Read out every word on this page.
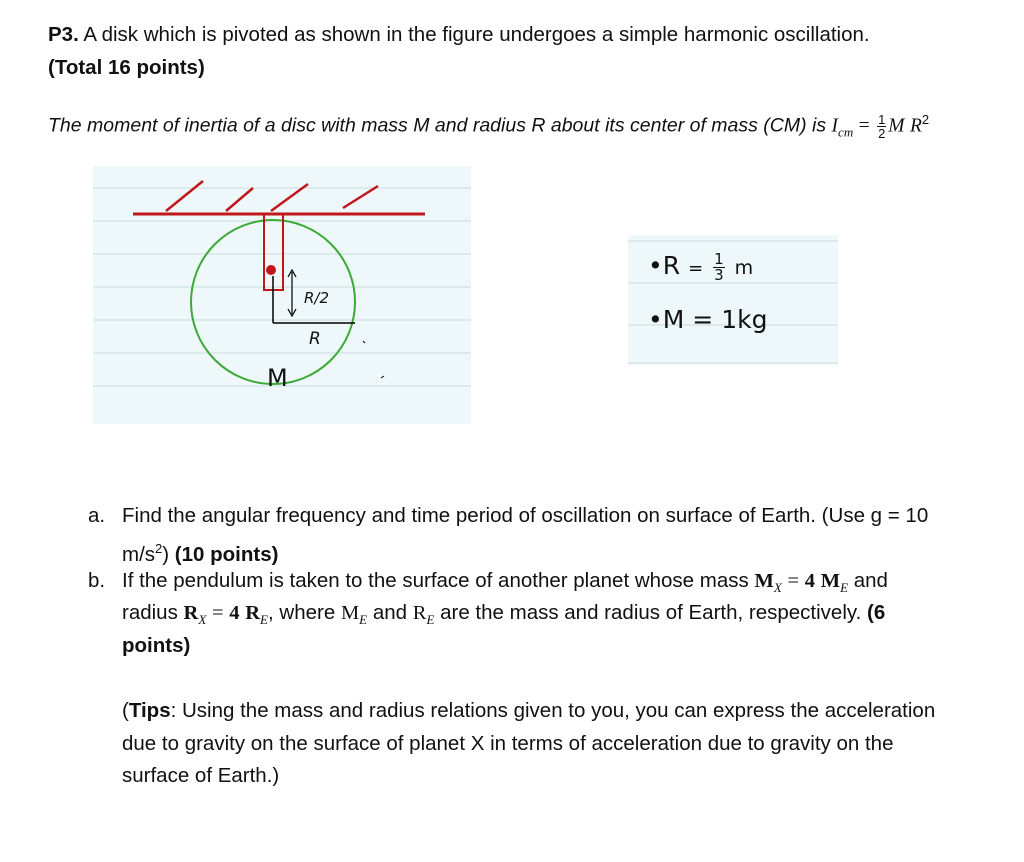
P3. A disk which is pivoted as shown in the figure undergoes a simple harmonic oscillation.
(Total 16 points)
The moment of inertia of a disc with mass M and radius R about its center of mass (CM) is $I_{cm} = \frac{1}{2}$ M $R^2$
R/2
R
M
•R = $\frac{1}{3}$ m
•M = 1kg
a. Find the angular frequency and time period of oscillation on surface of Earth. (Use g = 10
$m/s^2$) (10 points)
b. If the pendulum is taken to the surface of another planet whose mass $M_X = 4$ $M_E$ and
radius $R_X = 4$ $R_E$, where $M_E$ and $R_E$ are the mass and radius of Earth, respectively. (6
points)
(Tips: Using the mass and radius relations given to you, you can express the acceleration
due to gravity on the surface of planet X in terms of acceleration due to gravity on the
surface of Earth.)
